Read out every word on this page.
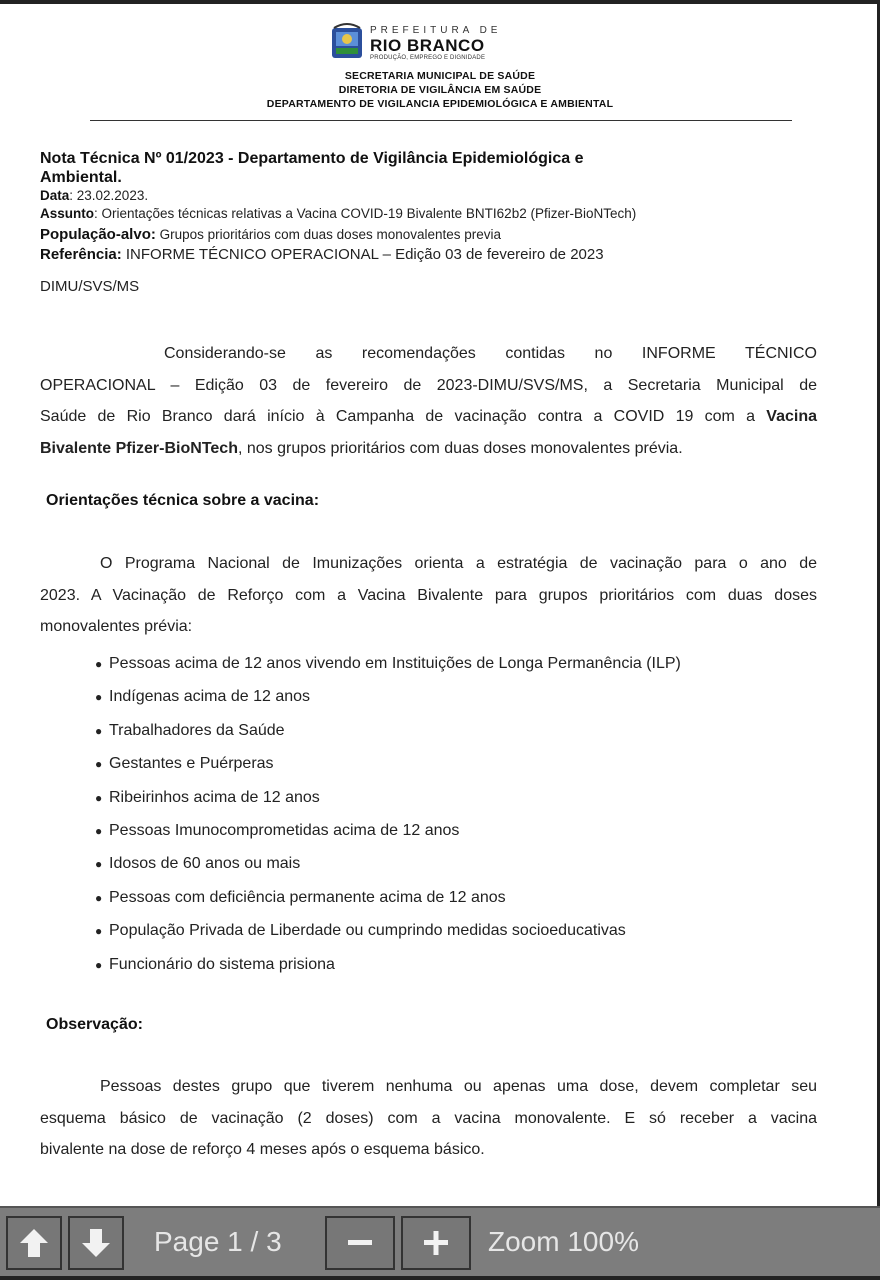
PREFEITURA DE
RIO BRANCO
PRODUÇÃO, EMPREGO E DIGNIDADE
SECRETARIA MUNICIPAL DE SAÚDE
DIRETORIA DE VIGILÂNCIA EM SAÚDE
DEPARTAMENTO DE VIGILANCIA EPIDEMIOLÓGICA E AMBIENTAL
Nota Técnica Nº 01/2023 - Departamento de Vigilância Epidemiológica e
Ambiental.
Data: 23.02.2023.
Assunto: Orientações técnicas relativas a Vacina COVID-19 Bivalente BNTI62b2 (Pfizer-BioNTech)
População-alvo: Grupos prioritários com duas doses monovalentes previa
Referência: INFORME TÉCNICO OPERACIONAL – Edição 03 de fevereiro de 2023
DIMU/SVS/MS
Considerando-se as recomendações contidas no INFORME TÉCNICO
OPERACIONAL – Edição 03 de fevereiro de 2023-DIMU/SVS/MS, a Secretaria Municipal de
Saúde de Rio Branco dará início à Campanha de vacinação contra a COVID 19 com a Vacina
Bivalente Pfizer-BioNTech, nos grupos prioritários com duas doses monovalentes prévia.
Orientações técnica sobre a vacina:
O Programa Nacional de Imunizações orienta a estratégia de vacinação para o ano de
2023. A Vacinação de Reforço com a Vacina Bivalente para grupos prioritários com duas doses
monovalentes prévia:
● Pessoas acima de 12 anos vivendo em Instituições de Longa Permanência (ILP)
● Indígenas acima de 12 anos
● Trabalhadores da Saúde
● Gestantes e Puérperas
● Ribeirinhos acima de 12 anos
● Pessoas Imunocomprometidas acima de 12 anos
● Idosos de 60 anos ou mais
● Pessoas com deficiência permanente acima de 12 anos
● População Privada de Liberdade ou cumprindo medidas socioeducativas
● Funcionário do sistema prisiona
Observação:
Pessoas destes grupo que tiverem nenhuma ou apenas uma dose, devem completar seu
esquema básico de vacinação (2 doses) com a vacina monovalente. E só receber a vacina
bivalente na dose de reforço 4 meses após o esquema básico.
Page 1 / 3	Zoom 100%
